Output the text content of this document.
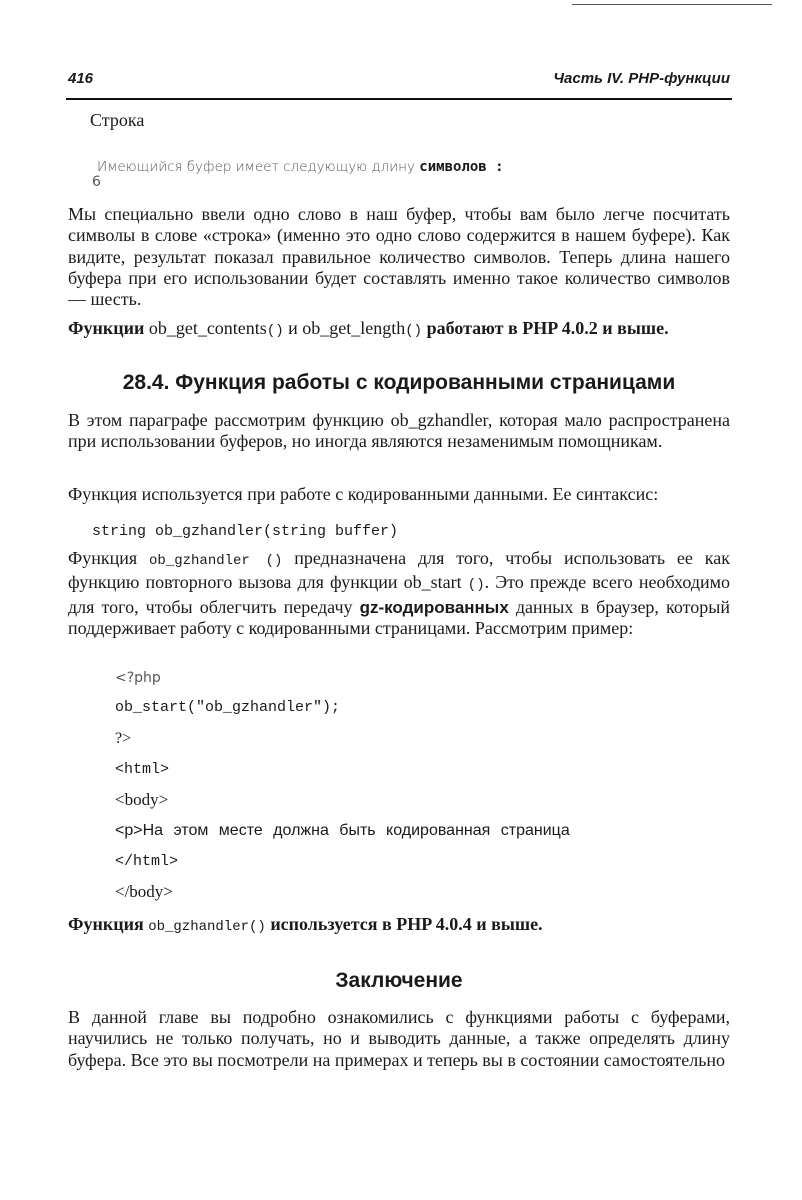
416	Часть IV. PHP-функции
Строка

Имеющийся буфер имеет следующую длину символов :

6

Мы специально ввели одно слово в наш буфер, чтобы вам было легче посчитать символы в слове «строка» (именно это одно слово содержится в нашем буфере). Как видите, результат показал правильное количество символов. Теперь длина нашего буфера при его использовании будет составлять именно такое количество символов — шесть.

Функции ob_get_contents() и ob_get_length() работают в PHP 4.0.2 и выше.
28.4. Функция работы с кодированными страницами

В этом параграфе рассмотрим функцию ob_gzhandler, которая мало распространена при использовании буферов, но иногда являются незаменимым помощникам.

Функция используется при работе с кодированными данными. Ее синтаксис:

string ob_gzhandler(string buffer)
Функция ob_gzhandler () предназначена для того, чтобы использовать ее как функцию повторного вызова для функции ob_start (). Это прежде всего необходимо для того, чтобы облегчить передачу gz-кодированных данных в браузер, который поддерживает работу с кодированными страницами. Рассмотрим пример:
<?php
ob_start("ob_gzhandler");
?>
<html>
<body>
<p>На этом месте должна быть кодированная страница
</html>
</body>
Функция ob_gzhandler() используется в PHP 4.0.4 и выше.
Заключение

В данной главе вы подробно ознакомились с функциями работы с буферами, научились не только получать, но и выводить данные, а также определять длину буфера. Все это вы посмотрели на примерах и теперь вы в состоянии самостоятельно
